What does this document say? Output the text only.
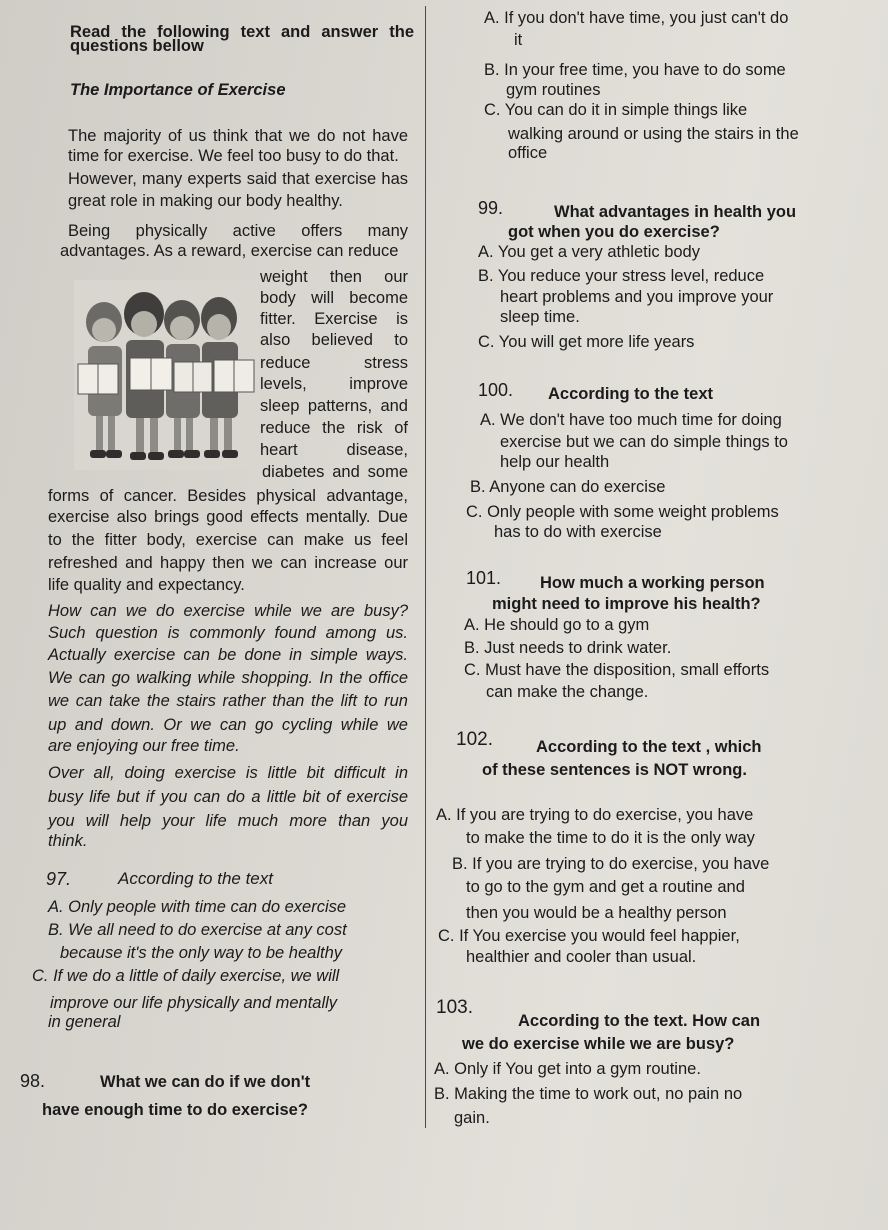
Read the following text and answer the
questions bellow
The Importance of Exercise
The majority of us think that we do not have
time for exercise. We feel too busy to do that.
However, many experts said that exercise has
great role in making our body healthy.
Being physically active offers many
advantages. As a reward, exercise can reduce
weight then our
body will become
fitter. Exercise is
also believed to
reduce stress
levels, improve
sleep patterns, and
reduce the risk of
heart disease,
diabetes and some
forms of cancer. Besides physical advantage,
exercise also brings good effects mentally. Due
to the fitter body, exercise can make us feel
refreshed and happy then we can increase our
life quality and expectancy.
How can we do exercise while we are busy?
Such question is commonly found among us.
Actually exercise can be done in simple ways.
We can go walking while shopping. In the office
we can take the stairs rather than the lift to run
up and down. Or we can go cycling while we
are enjoying our free time.
Over all, doing exercise is little bit difficult in
busy life but if you can do a little bit of exercise
you will help your life much more than you
think.
97.	According to the text
A. Only people with time can do exercise
B. We all need to do exercise at any cost
because it's the only way to be healthy
C. If we do a little of daily exercise, we will
improve our life physically and mentally
in general
98.	What we can do if we don't
have enough time to do exercise?
A. If you don't have time, you just can't do
it
B. In your free time, you have to do some
gym routines
C. You can do it in simple things like
walking around or using the stairs in the
office
99.	What advantages in health you
got when you do exercise?
A. You get a very athletic body
B. You reduce your stress level, reduce
heart problems and you improve your
sleep time.
C. You will get more life years
100. According to the text
A. We don't have too much time for doing
exercise but we can do simple things to
help our health
B. Anyone can do exercise
C. Only people with some weight problems
has to do with exercise
101. How much a working person
might need to improve his health?
A. He should go to a gym
B. Just needs to drink water.
C. Must have the disposition, small efforts
can make the change.
102.	According to the text , which
of these sentences is NOT wrong.
A. If you are trying to do exercise, you have
to make the time to do it is the only way
B. If you are trying to do exercise, you have
to go to the gym and get a routine and
then you would be a healthy person
C. If You exercise you would feel happier,
healthier and cooler than usual.
103.
According to the text. How can
we do exercise while we are busy?
A. Only if You get into a gym routine.
B. Making the time to work out, no pain no
gain.
